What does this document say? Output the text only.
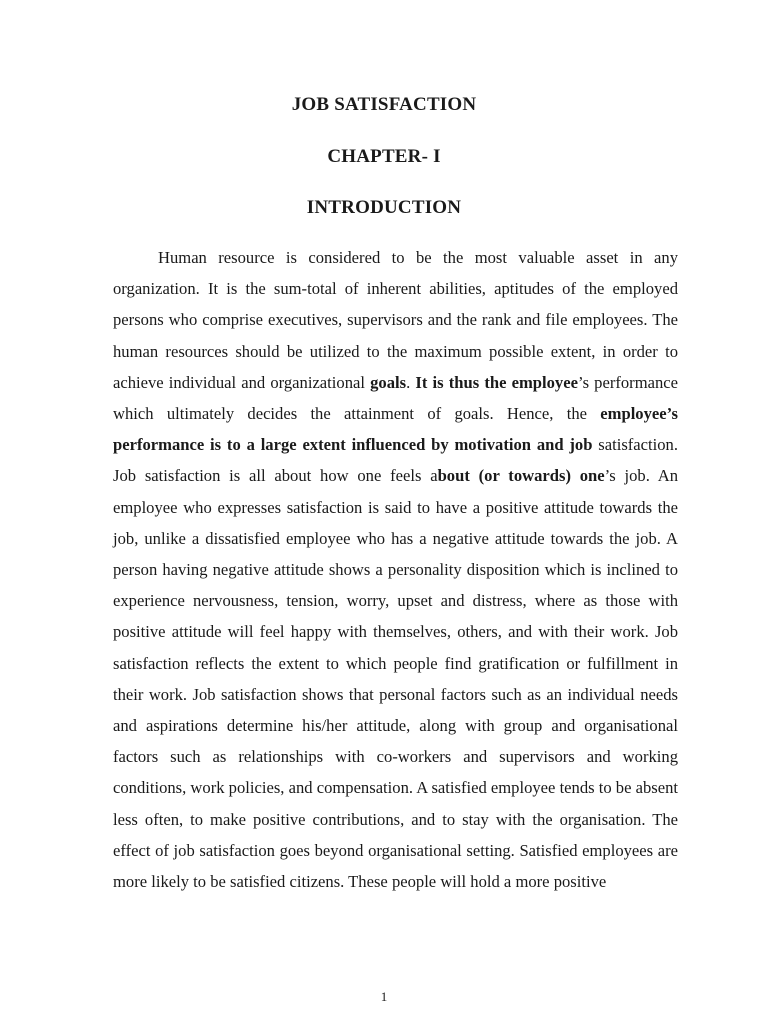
JOB SATISFACTION
CHAPTER- I
INTRODUCTION

Human resource is considered to be the most valuable asset in any organization. It is the sum-total of inherent abilities, aptitudes of the employed persons who comprise executives, supervisors and the rank and file employees. The human resources should be utilized to the maximum possible extent, in order to achieve individual and organizational goals. It is thus the employee’s performance which ultimately decides the attainment of goals. Hence, the employee’s performance is to a large extent influenced by motivation and job satisfaction. Job satisfaction is all about how one feels about (or towards) one’s job. An employee who expresses satisfaction is said to have a positive attitude towards the job, unlike a dissatisfied employee who has a negative attitude towards the job. A person having negative attitude shows a personality disposition which is inclined to experience nervousness, tension, worry, upset and distress, where as those with positive attitude will feel happy with themselves, others, and with their work. Job satisfaction reflects the extent to which people find gratification or fulfillment in their work. Job satisfaction shows that personal factors such as an individual needs and aspirations determine his/her attitude, along with group and organisational factors such as relationships with co-workers and supervisors and working conditions, work policies, and compensation. A satisfied employee tends to be absent less often, to make positive contributions, and to stay with the organisation. The effect of job satisfaction goes beyond organisational setting. Satisfied employees are more likely to be satisfied citizens. These people will hold a more positive

1
